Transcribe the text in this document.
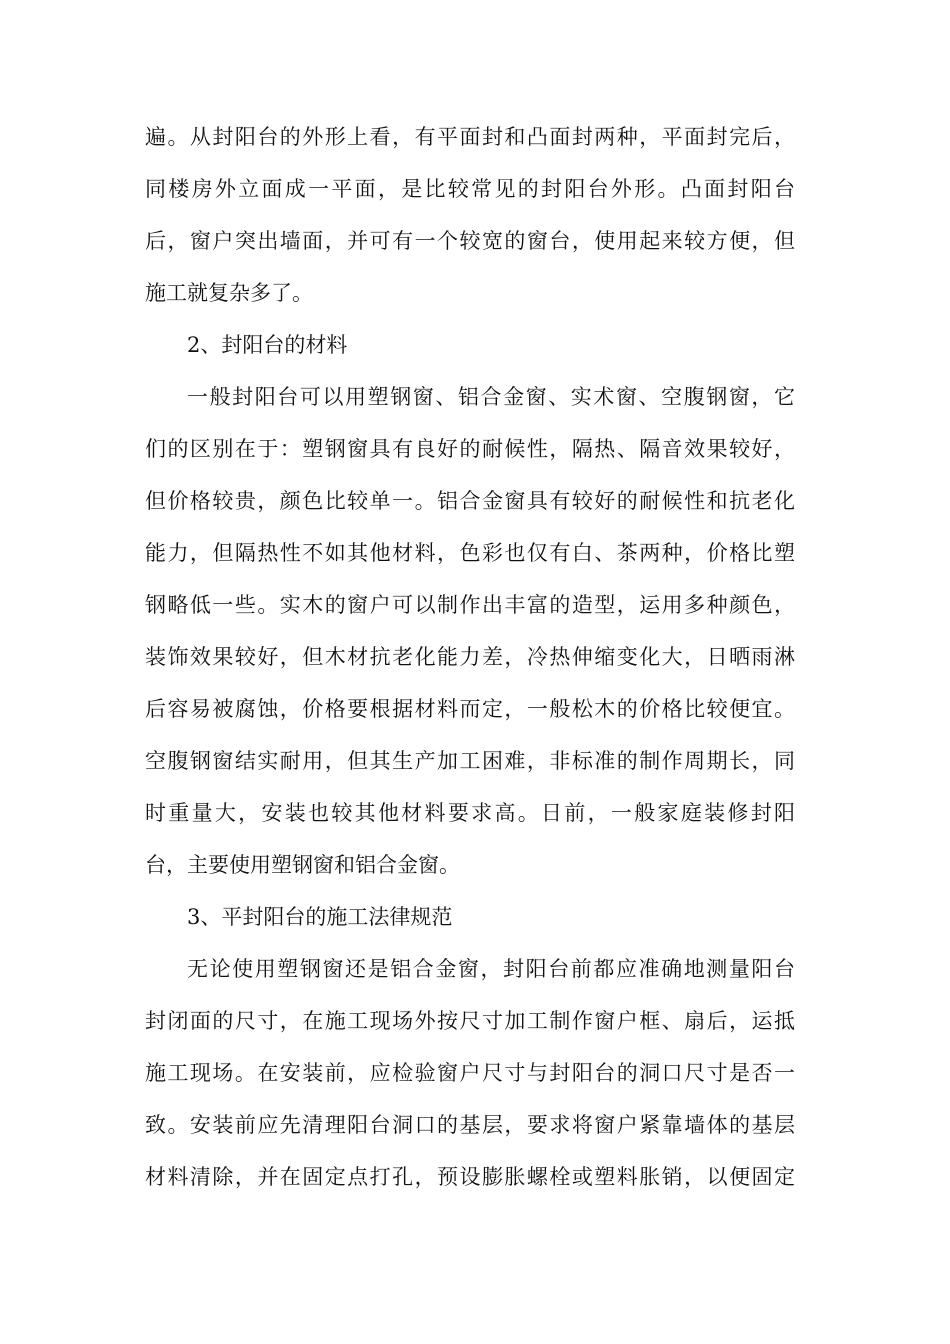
遍。从封阳台的外形上看，有平面封和凸面封两种，平面封完后，
同楼房外立面成一平面，是比较常见的封阳台外形。凸面封阳台
后，窗户突出墙面，并可有一个较宽的窗台，使用起来较方便，但
施工就复杂多了。
2、封阳台的材料
一般封阳台可以用塑钢窗、铝合金窗、实术窗、空腹钢窗，它
们的区别在于：塑钢窗具有良好的耐候性，隔热、隔音效果较好，
但价格较贵，颜色比较单一。铝合金窗具有较好的耐候性和抗老化
能力，但隔热性不如其他材料，色彩也仅有白、茶两种，价格比塑
钢略低一些。实木的窗户可以制作出丰富的造型，运用多种颜色，
装饰效果较好，但木材抗老化能力差，冷热伸缩变化大，日晒雨淋
后容易被腐蚀，价格要根据材料而定，一般松木的价格比较便宜。
空腹钢窗结实耐用，但其生产加工困难，非标准的制作周期长，同
时重量大，安装也较其他材料要求高。日前，一般家庭装修封阳
台，主要使用塑钢窗和铝合金窗。
3、平封阳台的施工法律规范
无论使用塑钢窗还是铝合金窗，封阳台前都应准确地测量阳台
封闭面的尺寸，在施工现场外按尺寸加工制作窗户框、扇后，运抵
施工现场。在安装前，应检验窗户尺寸与封阳台的洞口尺寸是否一
致。安装前应先清理阳台洞口的基层，要求将窗户紧靠墙体的基层
材料清除，并在固定点打孔，预设膨胀螺栓或塑料胀销，以便固定
